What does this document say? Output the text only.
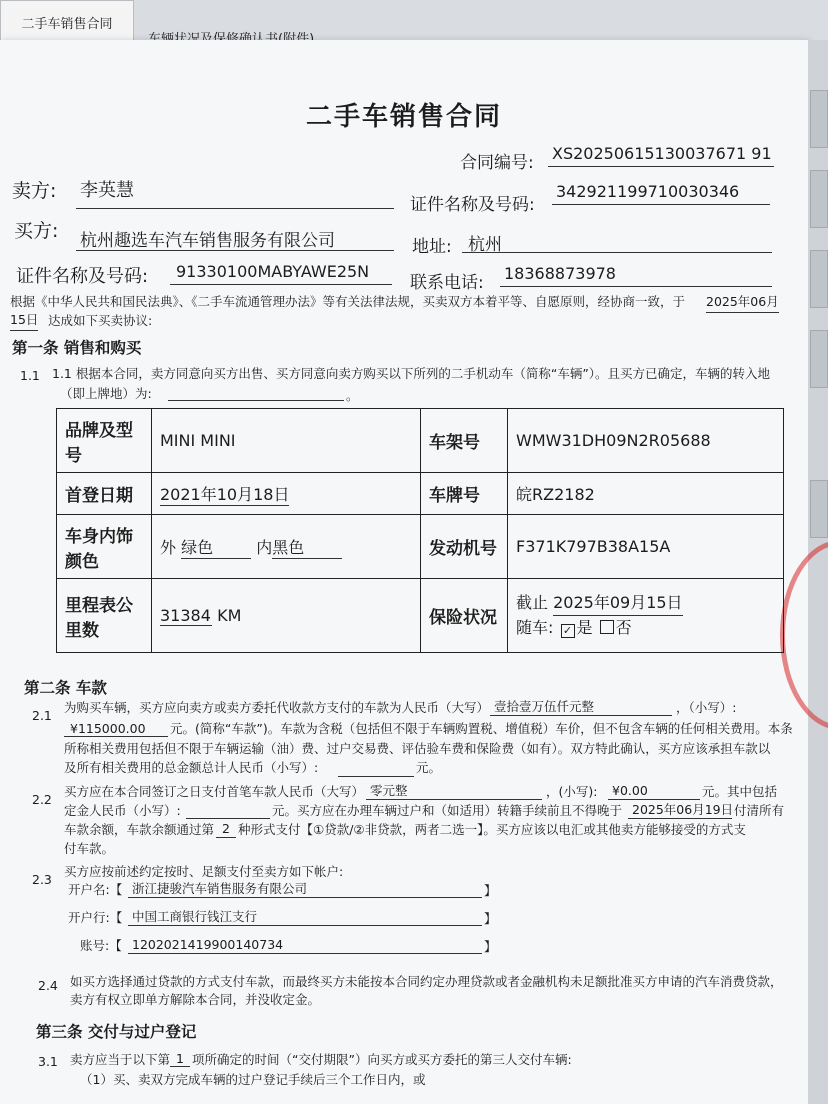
二手车销售合同
二手车销售合同
合同编号: XS20250615130037671 91
卖方: 李英慧
证件名称及号码:
342921199710030346
买方: 杭州趣选车汽车销售服务有限公司	地址: 杭州
证件名称及号码: 91330100MABYAWE25N
联系电话: 18368873978
根据《中华人民共和国民法典》、《二手车流通管理办法》等有关法律法规，买卖双方本着平等、自愿原则，经协商一致，于 2025年06月
15日 达成如下买卖协议:
第一条 销售和购买
1.1 1.1 根据本合同，卖方同意向买方出售、买方同意向卖方购买以下所列的二手机动车（简称“车辆”）。且买方已确定，车辆的转入地
（即上牌地）为:	。
品牌及型号	MINI MINI	车架号	WMW31DH09N2R05688
首登日期	2021年10月18日	车牌号	皖RZ2182
车身内饰颜色	外 绿色 内黑色	发动机号	F371K797B38A15A
里程表公里数	31384 KM	保险状况	截止 2025年09月15日
随车: ✓ 是 否
第二条 车款
2.1
为购买车辆，买方应向卖方或卖方委托代收款方支付的车款为人民币（大写） 壹拾壹万伍仟元整	，（小写）:
¥115000.00 元。(简称“车款”)。车款为含税（包括但不限于车辆购置税、增值税）车价，但不包含车辆的任何相关费用。本条
所称相关费用包括但不限于车辆运输（油）费、过户交易费、评估验车费和保险费（如有）。双方特此确认，买方应该承担车款以
及所有相关费用的总金额总计人民币（小写）:	元。
2.2
买方应在本合同签订之日支付首笔车款人民币（大写） 零元整	，(小写): ¥0.00	元。其中包括
定金人民币（小写）:	元。买方应在办理车辆过户和（如适用）转籍手续前且不得晚于 2025年06月19日 付清所有
车款余额，车款余额通过第 2 种形式支付【①贷款/②非贷款，两者二选一】。买方应该以电汇或其他卖方能够接受的方式支
付车款。
2.3
买方应按前述约定按时、足额支付至卖方如下帐户:
开户名:【 浙江捷骏汽车销售服务有限公司	】
开户行:【 中国工商银行钱江支行	】
账号:【 1202021419900140734	】
2.4 如买方选择通过贷款的方式支付车款，而最终买方未能按本合同约定办理贷款或者金融机构未足额批准买方申请的汽车消费贷款，
卖方有权立即单方解除本合同，并没收定金。
第三条 交付与过户登记
3.1 卖方应当于以下第 1 项所确定的时间（“交付期限”）向买方或买方委托的第三人交付车辆:
（1）买、卖双方完成车辆的过户登记手续后三个工作日内，或
